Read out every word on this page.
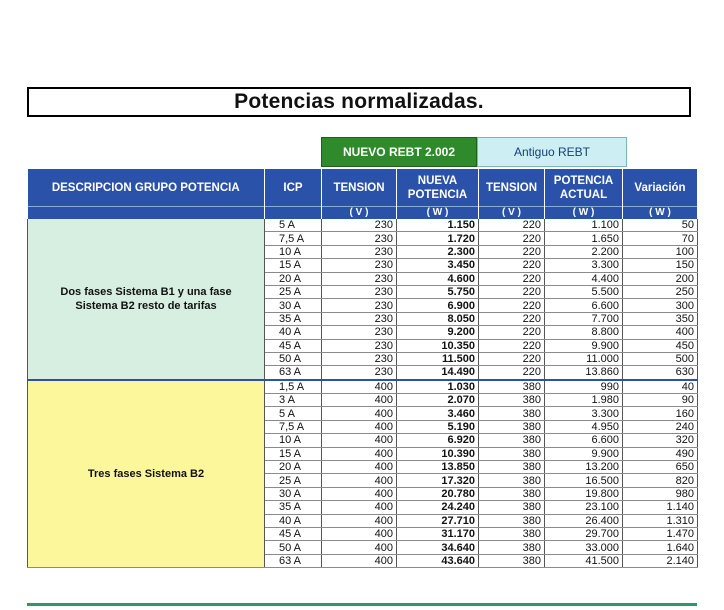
Potencias normalizadas.
NUEVO REBT 2.002	Antiguo REBT
DESCRIPCION GRUPO POTENCIA	ICP	TENSION	NUEVA POTENCIA	TENSION	POTENCIA ACTUAL	Variación
		( V )	( W )	( V )	( W )	( W )
Dos fases Sistema B1 y una fase Sistema B2 resto de tarifas	5 A	230	1.150	220	1.100	50
	7,5 A	230	1.720	220	1.650	70
	10 A	230	2.300	220	2.200	100
	15 A	230	3.450	220	3.300	150
	20 A	230	4.600	220	4.400	200
	25 A	230	5.750	220	5.500	250
	30 A	230	6.900	220	6.600	300
	35 A	230	8.050	220	7.700	350
	40 A	230	9.200	220	8.800	400
	45 A	230	10.350	220	9.900	450
	50 A	230	11.500	220	11.000	500
	63 A	230	14.490	220	13.860	630
Tres fases Sistema B2	1,5 A	400	1.030	380	990	40
	3 A	400	2.070	380	1.980	90
	5 A	400	3.460	380	3.300	160
	7,5 A	400	5.190	380	4.950	240
	10 A	400	6.920	380	6.600	320
	15 A	400	10.390	380	9.900	490
	20 A	400	13.850	380	13.200	650
	25 A	400	17.320	380	16.500	820
	30 A	400	20.780	380	19.800	980
	35 A	400	24.240	380	23.100	1.140
	40 A	400	27.710	380	26.400	1.310
	45 A	400	31.170	380	29.700	1.470
	50 A	400	34.640	380	33.000	1.640
	63 A	400	43.640	380	41.500	2.140
